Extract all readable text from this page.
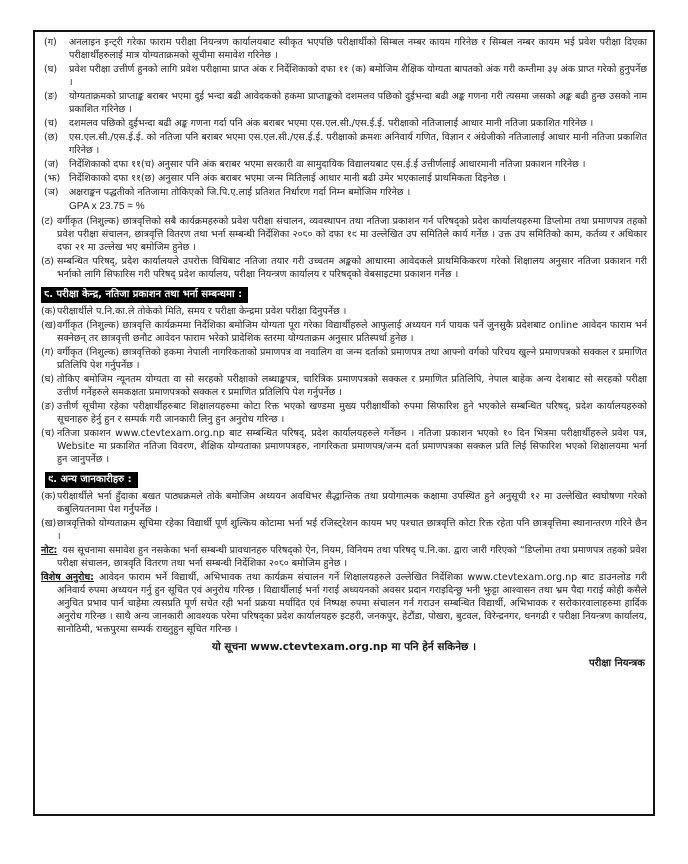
(ग) अनलाइन इन्ट्री गरेका फाराम परीक्षा नियन्त्रण कार्यालयबाट स्वीकृत भएपछि परीक्षार्थीको सिम्बल नम्बर कायम गरिनेछ र सिम्बल नम्बर कायम भई प्रवेश परीक्षा दिएका परीक्षार्थीहरुलाई मात्र योग्यताक्रमको सूचीमा समावेश गरिनेछ ।
(घ) प्रवेश परीक्षा उत्तीर्ण हुनको लागि प्रवेश परीक्षामा प्राप्त अंक र निर्देशिकाको दफा ११ (क) बमोजिम शैक्षिक योग्यता बापतको अंक गरी कम्तीमा ३५ अंक प्राप्त गरेको हुनुपर्नेछ ।
(ङ) योग्यताक्रमको प्राप्ताङ्क बराबर भएमा दुई भन्दा बढी आवेदकको हकमा प्राप्ताङ्कको दशमलव पछिको दुईभन्दा बढी अङ्क गणना गरी त्यसमा जसको अङ्क बढी हुन्छ उसको नाम प्रकाशित गरिनेछ ।
(च) दशमलव पछिको दुईभन्दा बढी अङ्क गणना गर्दा पनि अंक बराबर भएमा एस.एल.सी./एस.ई.ई. परीक्षाको नतिजालाई आधार मानी नतिजा प्रकाशित गरिनेछ ।
(छ) एस.एल.सी./एस.ई.ई. को नतिजा पनि बराबर भएमा एस.एल.सी./एस.ई.ई. परीक्षाको क्रमशः अनिवार्य गणित, विज्ञान र अंग्रेजीको नतिजालाई आधार मानी नतिजा प्रकाशित गरिनेछ ।
(ज) निर्देशिकाको दफा ११(च) अनुसार पनि अंक बराबर भएमा सरकारी वा सामुदायिक विद्यालयबाट एस.ई.ई उत्तीर्णलाई आधारमानी नतिजा प्रकाशन गरिनेछ ।
(झ) निर्देशिकाको दफा ११(छ) अनुसार पनि अंक बराबर भएमा जन्म मितिलाई आधार मानी बढी उमेर भएकालाई प्राथमिकता दिइनेछ ।
(ञ) अक्षराङ्कन पद्धतीको नतिजामा तोकिएको जि.पि.ए.लाई प्रतिशत निर्धारण गर्दा निम्न बमोजिम गरिनेछ ।
GPA x 23.75 = %
(ट) वर्गीकृत (निशुल्क) छात्रवृत्तिको सबै कार्यक्रमहरुको प्रवेश परीक्षा संचालन, व्यवस्थापन तथा नतिजा प्रकाशन गर्न परिषद्को प्रदेश कार्यालयहरुमा डिप्लोमा तथा प्रमाणपत्र तहको प्रवेश परीक्षा संचालन, छात्रवृत्ति वितरण तथा भर्ना सम्बन्धी निर्देशिका २०८० को दफा १९ मा उल्लेखित उप समितिले कार्य गर्नेछ । उक्त उप समितिको काम, कर्तव्य र अधिकार दफा २१ मा उल्लेख भए बमोजिम हुनेछ ।
(ठ) सम्बन्धित परिषद्, प्रदेश कार्यालयले उपरोक्त विधिबाट नतिजा तयार गरी उच्चतम अङ्कको आधारमा आवेदकले प्राथमिकिकरण गरेको शिक्षालय अनुसार नतिजा प्रकाशन गरी भर्नाको लागि सिफारिस गरी परिषद् प्रदेश कार्यालय, परीक्षा नियन्त्रण कार्यालय र परिषद्को वेबसाइटमा प्रकाशन गर्नेछ ।
८. परीक्षा केन्द्र, नतिजा प्रकाशन तथा भर्ना सम्बन्धमा :
(क) परीक्षार्थीले प.नि.का.ले तोकेको मिति, समय र परीक्षा केन्द्रमा प्रवेश परीक्षा दिनुपर्नेछ ।
(ख) वर्गीकृत (निशुल्क) छात्रवृत्ति कार्यक्रममा निर्देशिका बमोजिम योग्यता पूरा गरेका विद्यार्थीहरुले आफुलाई अध्ययन गर्न पायक पर्ने जुनसुकै प्रदेशबाट online आवेदन फाराम भर्न सक्नेछन् तर छात्रवृत्ती छनौट आवेदन फाराम भरेको प्रादेशिक स्तरमा योग्यताक्रम अनुसार प्रतिस्पर्धा हुनेछ ।
(ग) वर्गीकृत (निशुल्क) छात्रवृत्तिको हकमा नेपाली नागरिकताको प्रमाणपत्र वा नवालिग वा जन्म दर्ताको प्रमाणपत्र तथा आफ्नो वर्गको परिचय खुल्ने प्रमाणपत्रको सक्कल र प्रमाणित प्रतिलिपि पेश गर्नुपर्नेछ ।
(घ) तोकिए बमोजिम न्यूनतम योग्यता वा सो सरहको परीक्षाको लब्धाङ्कपत्र, चारित्रिक प्रमाणपत्रको सक्कल र प्रमाणित प्रतिलिपि, नेपाल बाहेक अन्य देशबाट सो सरहको परीक्षा उत्तीर्ण गर्नेहरुले समकक्षता प्रमाणपत्रको सक्कल र प्रमाणित प्रतिलिपि पेश गर्नुपर्नेछ ।
(ङ) उत्तीर्ण सूचीमा रहेका परीक्षार्थीहरुबाट शिक्षालयहरुमा कोटा रिक्त भएको खण्डमा मुख्य परीक्षार्थीको रुपमा सिफारिश हुने भएकोले सम्बन्धित परिषद्, प्रदेश कार्यालयहरुको सूचनाहरु हेर्नु हुन र सम्पर्क गरी जानकारी लिनु हुन अनुरोध गरिन्छ ।
(च) नतिजा प्रकाशन www.ctevtexam.org.np बाट सम्बन्धित परिषद्, प्रदेश कार्यालयहरुले गर्नेछन । नतिजा प्रकाशन भएको १० दिन भित्रमा परीक्षार्थीहरुले प्रवेश पत्र, Website मा प्रकाशित नतिजा विवरण, शैक्षिक योग्यताका प्रमाणपत्रहरु, नागरिकता प्रमाणपत्र/जन्म दर्ता प्रमाणपत्रका सक्कल प्रति लिई सिफारिश भएको शिक्षालयमा भर्ना हुन जानुपर्नेछ ।
९. अन्य जानकारीहरु :
(क) परीक्षार्थीले भर्ना हुँदाका बखत पाठ्यक्रमले तोके बमोजिम अध्ययन अवधिभर सैद्धान्तिक तथा प्रयोगात्मक कक्षामा उपस्थित हुने अनुसूची १२ मा उल्लेखित स्वघोषणा गरेको कबुलियतनामा पेश गर्नुपर्नेछ ।
(ख) छात्रवृत्तिको योग्यताक्रम सूचिमा रहेका विद्यार्थी पूर्ण शुल्किय कोटामा भर्ना भई रजिस्ट्रेशन कायम भए पश्चात छात्रवृत्ति कोटा रिक्त रहेता पनि छात्रवृत्तिमा स्थानान्तरण गरिने छैन ।
नोट: यस सूचनामा समावेश हुन नसकेका भर्ना सम्बन्धी प्रावधानहरु परिषद्को ऐन, नियम, विनियम तथा परिषद् प.नि.का. द्वारा जारी गरिएको “डिप्लोमा तथा प्रमाणपत्र तहको प्रवेश परीक्षा संचालन, छात्रवृति वितरण तथा भर्ना सम्बन्धी निर्देशिका २०८० बमोजिम हुनेछ ।
विशेष अनुरोध: आवेदन फाराम भर्ने विद्यार्थी, अभिभावक तथा कार्यक्रम संचालन गर्ने शिक्षालयहरुले उल्लेखित निर्देशिका www.ctevtexam.org.np बाट डाउनलोड गरी अनिवार्य रुपमा अध्ययन गर्नु हुन सूचित एवं अनुरोध गरिन्छ । विद्यार्थीलाई भर्ना गराई अध्ययनको अवसर प्रदान गराइदिन्छु भनी झुट्टा आश्वासन तथा भ्रम पैदा गराई कोही कसैले अनुचित प्रभाव पार्न चाहेमा त्यसप्रति पूर्ण सचेत रही भर्ना प्रक्रया मर्यादित एवं निष्पक्ष रुपमा संचालन गर्न गराउन सम्बन्धित विद्यार्थी, अभिभावक र सरोकारवालाहरुमा हार्दिक अनुरोध गरिन्छ । साथै अन्य जानकारी आवश्यक परेमा परिषद्का प्रदेश कार्यालयहरु इटहरी, जनकपुर, हेटौंडा, पोखरा, बुटवल, विरेन्द्रनगर, धनगढी र परीक्षा नियन्त्रण कार्यालय, सानोठिमी, भक्तपुरमा सम्पर्क राख्नुहुन सूचित गरिन्छ ।
यो सूचना www.ctevtexam.org.np मा पनि हेर्न सकिनेछ ।
परीक्षा नियन्त्रक
